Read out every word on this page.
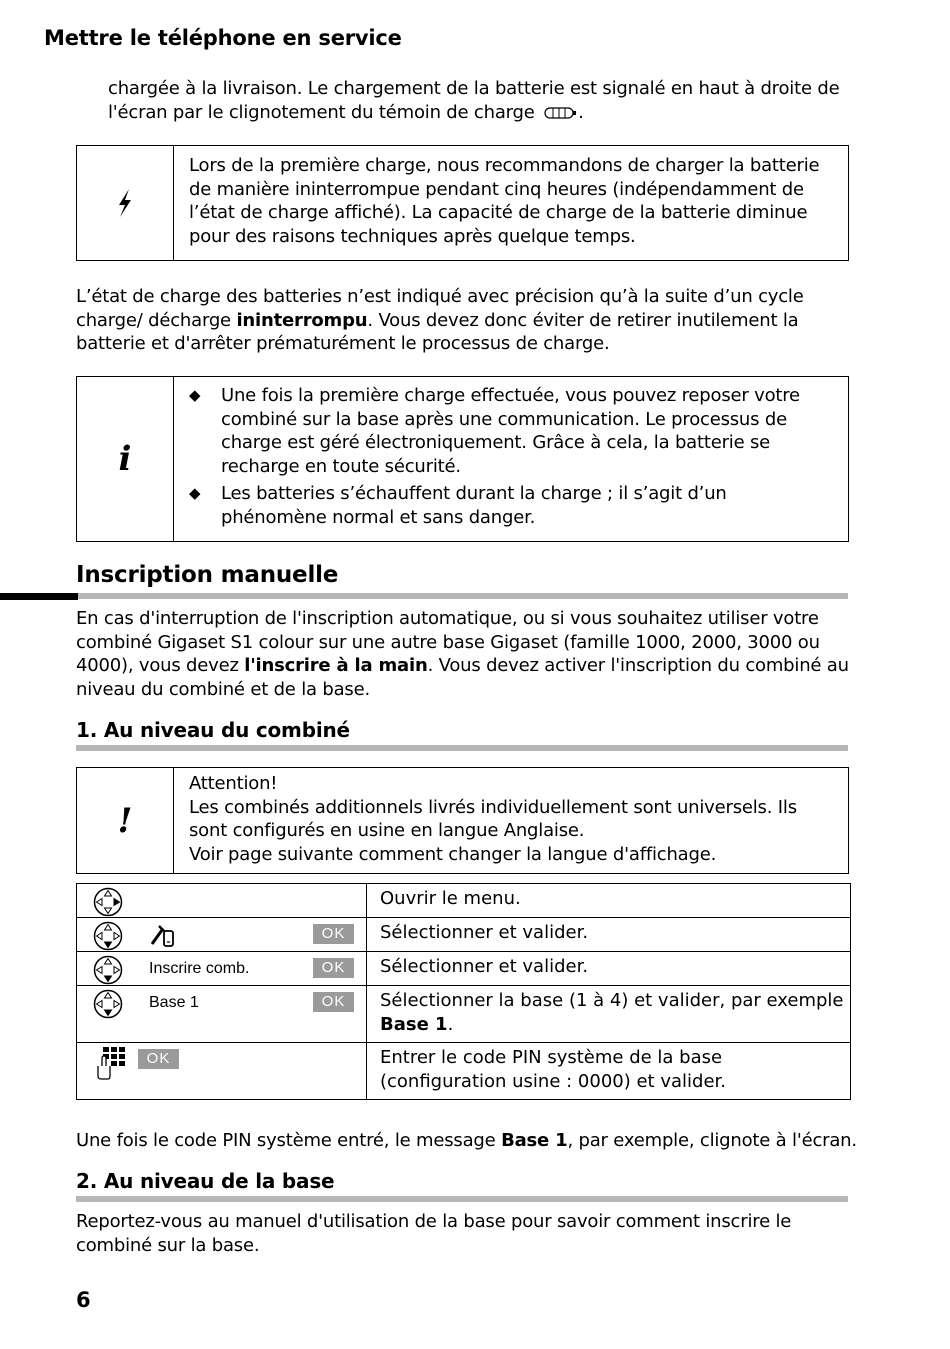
Mettre le téléphone en service
chargée à la livraison. Le chargement de la batterie est signalé en haut à droite de
l'écran par le clignotement du témoin de charge .
Lors de la première charge, nous recommandons de charger la batterie de manière ininterrompue pendant cinq heures (indépendamment de l’état de charge affiché). La capacité de charge de la batterie diminue pour des raisons techniques après quelque temps.
L’état de charge des batteries n’est indiqué avec précision qu’à la suite d’un cycle charge/ décharge ininterrompu. Vous devez donc éviter de retirer inutilement la batterie et d'arrêter prématurément le processus de charge.
i
◆ Une fois la première charge effectuée, vous pouvez reposer votre combiné sur la base après une communication. Le processus de charge est géré électroniquement. Grâce à cela, la batterie se recharge en toute sécurité.
◆ Les batteries s’échauffent durant la charge ; il s’agit d’un phénomène normal et sans danger.
Inscription manuelle
En cas d'interruption de l'inscription automatique, ou si vous souhaitez utiliser votre combiné Gigaset S1 colour sur une autre base Gigaset (famille 1000, 2000, 3000 ou 4000), vous devez l'inscrire à la main. Vous devez activer l'inscription du combiné au niveau du combiné et de la base.
1. Au niveau du combiné
!
Attention!
Les combinés additionnels livrés individuellement sont universels. Ils sont configurés en usine en langue Anglaise.
Voir page suivante comment changer la langue d'affichage.
	Ouvrir le menu.

OK	Sélectionner et valider.

Inscrire comb. OK	Sélectionner et valider.

Base 1 OK	Sélectionner la base (1 à 4) et valider, par exemple Base 1.

OK	Entrer le code PIN système de la base (configuration usine : 0000) et valider.
Une fois le code PIN système entré, le message Base 1, par exemple, clignote à l'écran.
2. Au niveau de la base
Reportez-vous au manuel d'utilisation de la base pour savoir comment inscrire le combiné sur la base.
6
